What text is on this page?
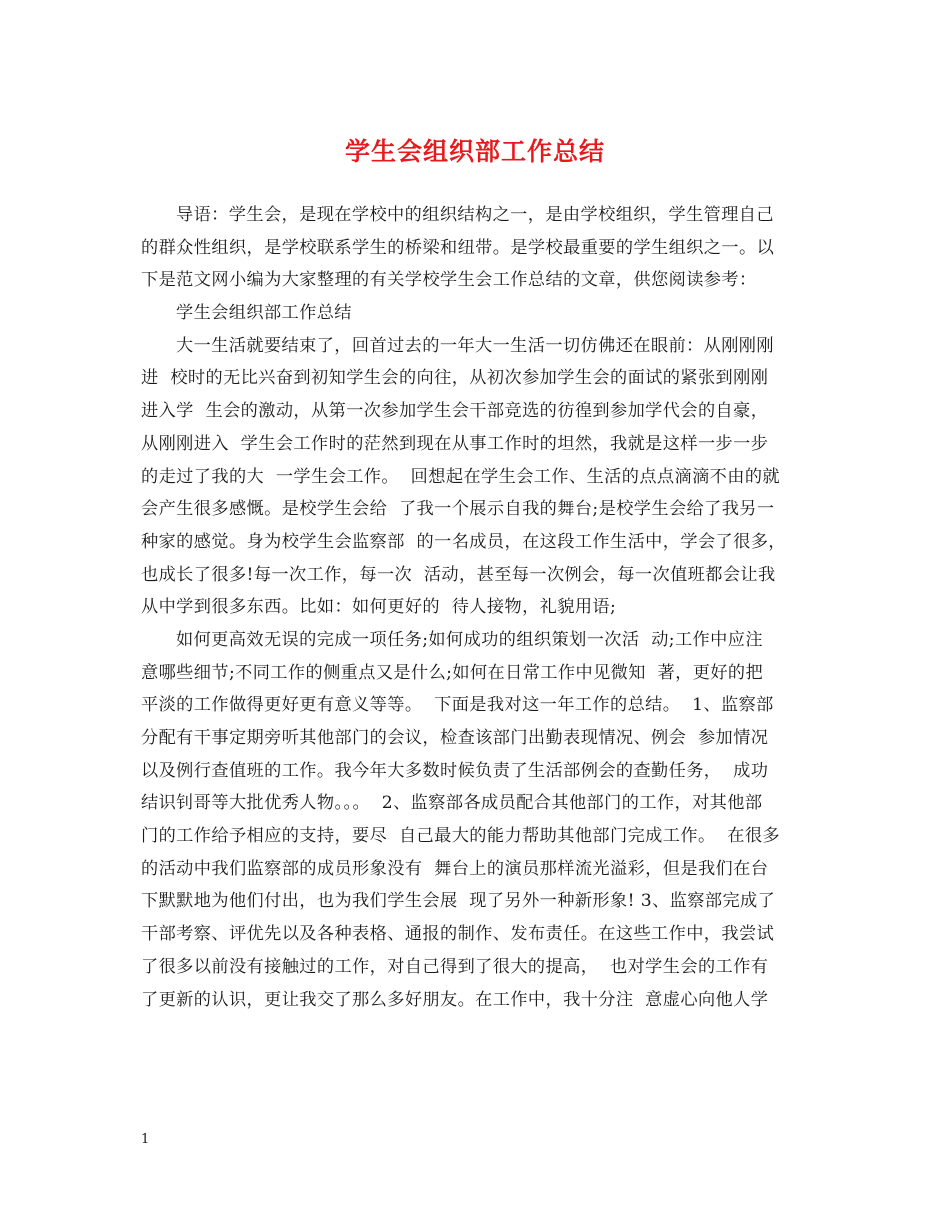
学生会组织部工作总结
导语：学生会，是现在学校中的组织结构之一，是由学校组织，学生管理自己
的群众性组织，是学校联系学生的桥梁和纽带。是学校最重要的学生组织之一。以
下是范文网小编为大家整理的有关学校学生会工作总结的文章，供您阅读参考：
学生会组织部工作总结
大一生活就要结束了，回首过去的一年大一生活一切仿佛还在眼前：从刚刚刚
进  校时的无比兴奋到初知学生会的向往，从初次参加学生会的面试的紧张到刚刚
进入学  生会的激动，从第一次参加学生会干部竞选的彷徨到参加学代会的自豪，
从刚刚进入  学生会工作时的茫然到现在从事工作时的坦然，我就是这样一步一步
的走过了我的大  一学生会工作。  回想起在学生会工作、生活的点点滴滴不由的就
会产生很多感慨。是校学生会给  了我一个展示自我的舞台;是校学生会给了我另一
种家的感觉。身为校学生会监察部  的一名成员，在这段工作生活中，学会了很多，
也成长了很多!每一次工作，每一次  活动，甚至每一次例会，每一次值班都会让我
从中学到很多东西。比如：如何更好的  待人接物，礼貌用语;
如何更高效无误的完成一项任务;如何成功的组织策划一次活  动;工作中应注
意哪些细节;不同工作的侧重点又是什么;如何在日常工作中见微知  著，更好的把
平淡的工作做得更好更有意义等等。  下面是我对这一年工作的总结。  1、监察部
分配有干事定期旁听其他部门的会议，检查该部门出勤表现情况、例会  参加情况
以及例行查值班的工作。我今年大多数时候负责了生活部例会的查勤任务，  成功
结识钊哥等大批优秀人物。。。  2、监察部各成员配合其他部门的工作，对其他部
门的工作给予相应的支持，要尽  自己最大的能力帮助其他部门完成工作。  在很多
的活动中我们监察部的成员形象没有  舞台上的演员那样流光溢彩，但是我们在台
下默默地为他们付出，也为我们学生会展  现了另外一种新形象! 3、监察部完成了
干部考察、评优先以及各种表格、通报的制作、发布责任。在这些工作中，我尝试
了很多以前没有接触过的工作，对自己得到了很大的提高，  也对学生会的工作有
了更新的认识，更让我交了那么多好朋友。在工作中，我十分注  意虚心向他人学
1
